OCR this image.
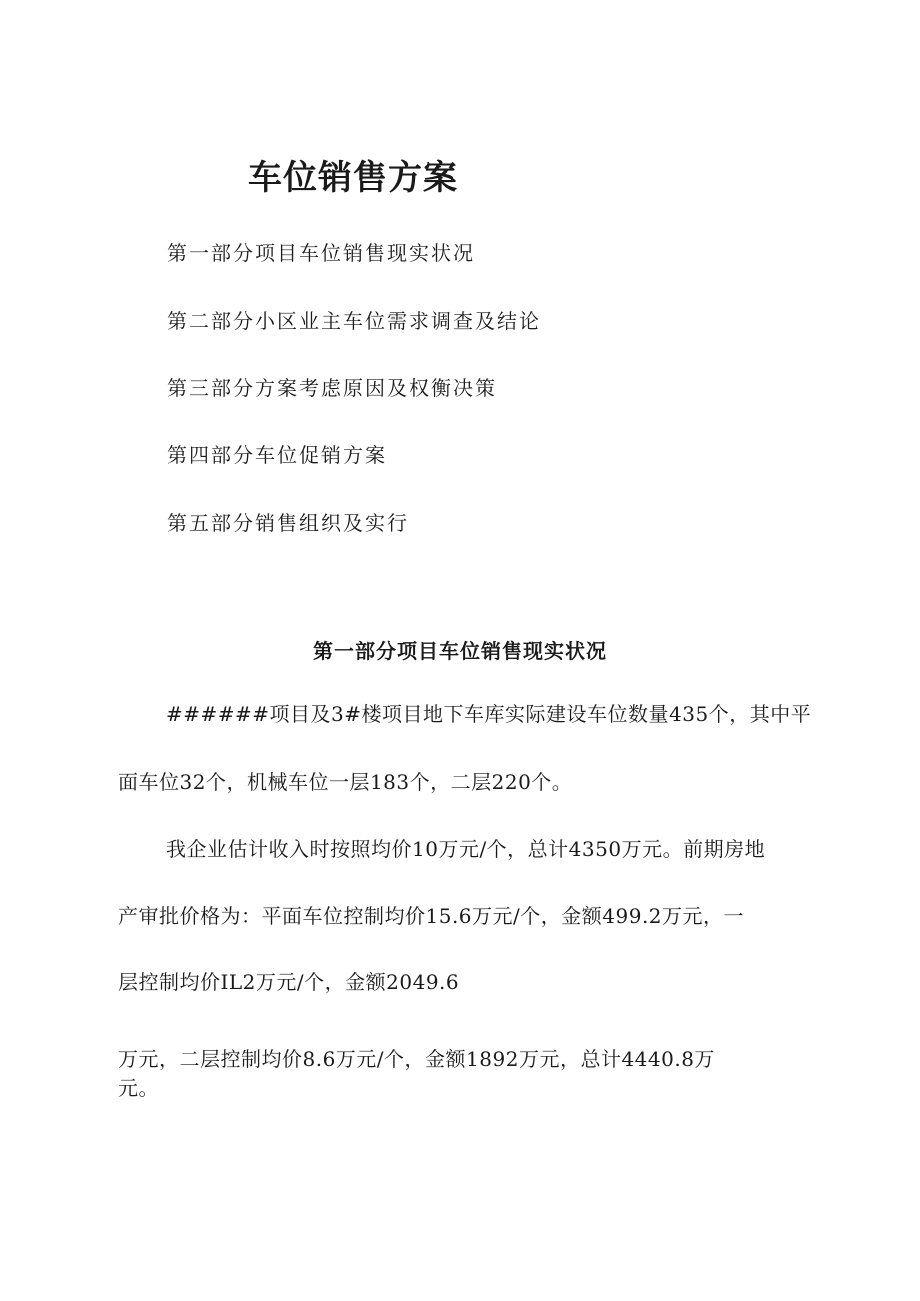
车位销售方案
第一部分项目车位销售现实状况
第二部分小区业主车位需求调查及结论
第三部分方案考虑原因及权衡决策
第四部分车位促销方案
第五部分销售组织及实行
第一部分项目车位销售现实状况
######项目及3#楼项目地下车库实际建设车位数量435个，其中平
面车位32个，机械车位一层183个，二层220个。
我企业估计收入时按照均价10万元/个，总计4350万元。前期房地
产审批价格为：平面车位控制均价15.6万元/个，金额499.2万元，一
层控制均价IL2万元/个，金额2049.6
万元，二层控制均价8.6万元/个，金额1892万元，总计4440.8万
元。
